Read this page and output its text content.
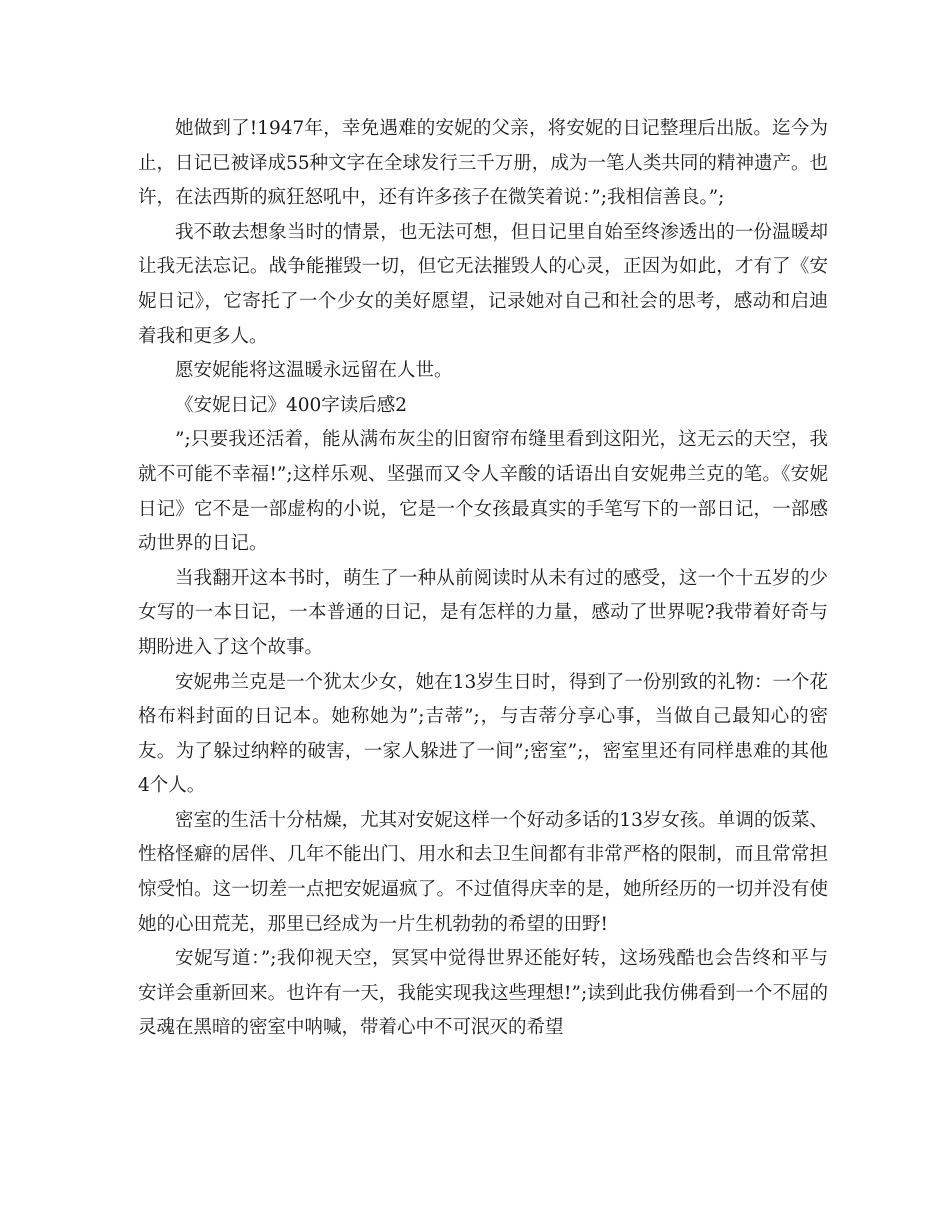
她做到了!1947年，幸免遇难的安妮的父亲，将安妮的日记整理后出版。迄今为止，日记已被译成55种文字在全球发行三千万册，成为一笔人类共同的精神遗产。也许，在法西斯的疯狂怒吼中，还有许多孩子在微笑着说：”;我相信善良。”;

我不敢去想象当时的情景，也无法可想，但日记里自始至终渗透出的一份温暖却让我无法忘记。战争能摧毁一切，但它无法摧毁人的心灵，正因为如此，才有了《安妮日记》，它寄托了一个少女的美好愿望，记录她对自己和社会的思考，感动和启迪着我和更多人。

愿安妮能将这温暖永远留在人世。

《安妮日记》400字读后感2

”;只要我还活着，能从满布灰尘的旧窗帘布缝里看到这阳光，这无云的天空，我就不可能不幸福!”;这样乐观、坚强而又令人辛酸的话语出自安妮弗兰克的笔。《安妮日记》它不是一部虚构的小说，它是一个女孩最真实的手笔写下的一部日记，一部感动世界的日记。

当我翻开这本书时，萌生了一种从前阅读时从未有过的感受，这一个十五岁的少女写的一本日记，一本普通的日记，是有怎样的力量，感动了世界呢?我带着好奇与期盼进入了这个故事。

安妮弗兰克是一个犹太少女，她在13岁生日时，得到了一份别致的礼物：一个花格布料封面的日记本。她称她为”;吉蒂”;，与吉蒂分享心事，当做自己最知心的密友。为了躲过纳粹的破害，一家人躲进了一间”;密室”;，密室里还有同样患难的其他4个人。

密室的生活十分枯燥，尤其对安妮这样一个好动多话的13岁女孩。单调的饭菜、性格怪癖的居伴、几年不能出门、用水和去卫生间都有非常严格的限制，而且常常担惊受怕。这一切差一点把安妮逼疯了。不过值得庆幸的是，她所经历的一切并没有使她的心田荒芜，那里已经成为一片生机勃勃的希望的田野!

安妮写道：”;我仰视天空，冥冥中觉得世界还能好转，这场残酷也会告终和平与安详会重新回来。也许有一天，我能实现我这些理想!”;读到此我仿佛看到一个不屈的灵魂在黑暗的密室中呐喊，带着心中不可泯灭的希望
